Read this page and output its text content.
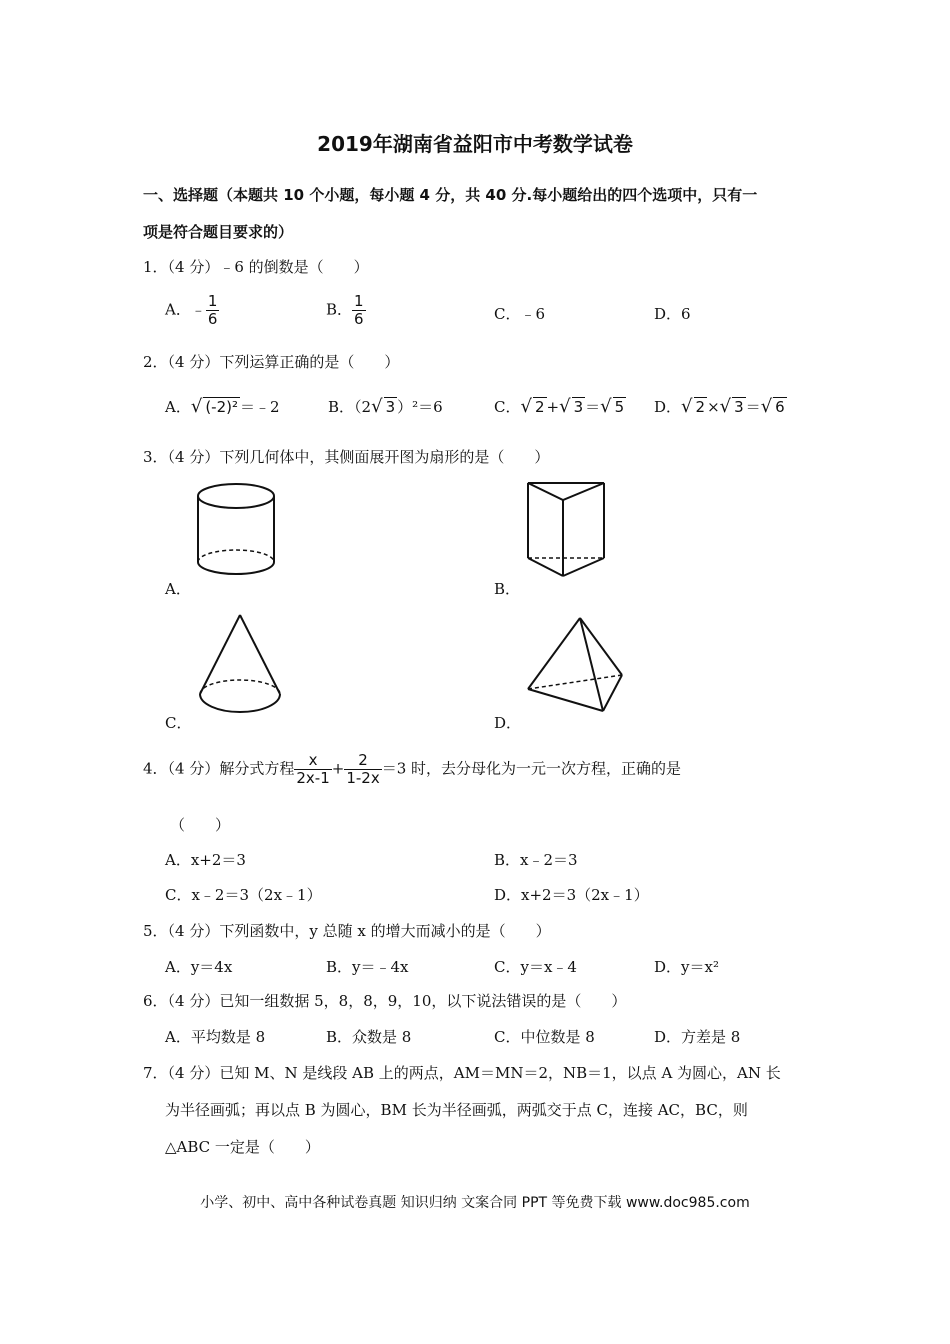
2019年湖南省益阳市中考数学试卷
一、选择题（本题共 10 个小题，每小题 4 分，共 40 分.每小题给出的四个选项中，只有一
项是符合题目要求的）
1．（4 分）﹣6 的倒数是（　　）
A．﹣ $\frac{1}{6}$	B． $\frac{1}{6}$	C．﹣6	D．6
2．（4 分）下列运算正确的是（　　）
A．√ (-2)² ＝﹣2	B．（2√ 3 ）²＝6	C．√ 2 +√ 3 ＝√ 5 D．√ 2 ×√ 3 ＝√ 6
3．（4 分）下列几何体中，其侧面展开图为扇形的是（　　）
A．	B．
C．	D．
4．（4 分）解分式方程 $\frac{x}{2x-1} + \frac{2}{1-2x} =3$ 时，去分母化为一元一次方程，正确的是
（　　）
A．x+2＝3	B．x﹣2＝3
C．x﹣2＝3（2x﹣1）	D．x+2＝3（2x﹣1）
5．（4 分）下列函数中，y 总随 x 的增大而减小的是（　　）
A．y＝4x	B．y＝﹣4x	C．y＝x﹣4	D．y＝x²
6．（4 分）已知一组数据 5，8，8，9，10，以下说法错误的是（　　）
A．平均数是 8	B．众数是 8	C．中位数是 8	D．方差是 8
7．（4 分）已知 M、N 是线段 AB 上的两点，AM＝MN＝2，NB＝1，以点 A 为圆心，AN 长
为半径画弧；再以点 B 为圆心，BM 长为半径画弧，两弧交于点 C，连接 AC，BC，则
△ABC 一定是（　　）
小学、初中、高中各种试卷真题 知识归纳 文案合同 PPT 等免费下载 www.doc985.com
